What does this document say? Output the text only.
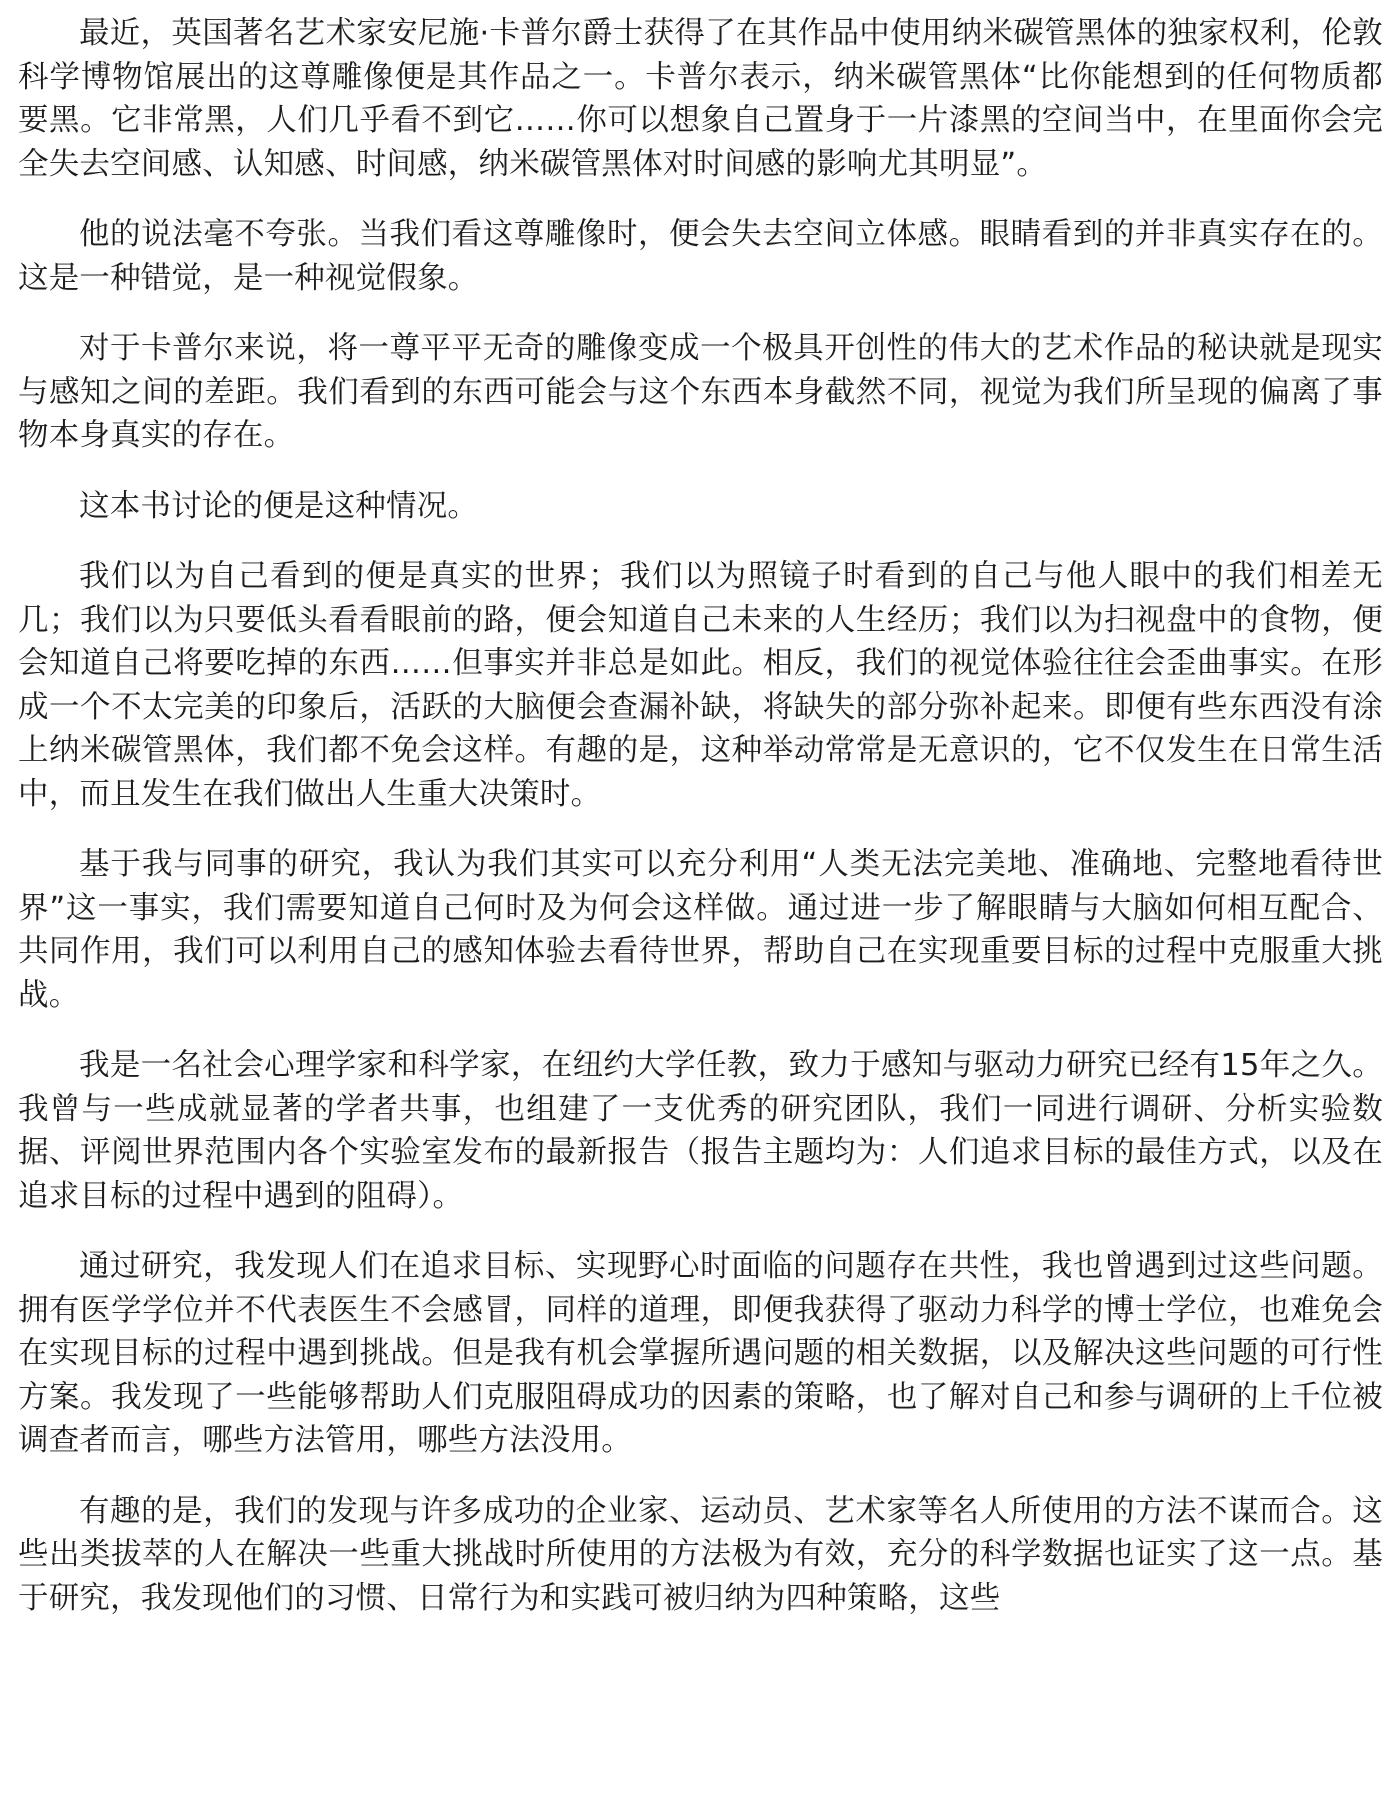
最近，英国著名艺术家安尼施·卡普尔爵士获得了在其作品中使用纳米碳管黑体的独家权利，伦敦科学博物馆展出的这尊雕像便是其作品之一。卡普尔表示，纳米碳管黑体“比你能想到的任何物质都要黑。它非常黑，人们几乎看不到它……你可以想象自己置身于一片漆黑的空间当中，在里面你会完全失去空间感、认知感、时间感，纳米碳管黑体对时间感的影响尤其明显”。

他的说法毫不夸张。当我们看这尊雕像时，便会失去空间立体感。眼睛看到的并非真实存在的。这是一种错觉，是一种视觉假象。

对于卡普尔来说，将一尊平平无奇的雕像变成一个极具开创性的伟大的艺术作品的秘诀就是现实与感知之间的差距。我们看到的东西可能会与这个东西本身截然不同，视觉为我们所呈现的偏离了事物本身真实的存在。

这本书讨论的便是这种情况。

我们以为自己看到的便是真实的世界；我们以为照镜子时看到的自己与他人眼中的我们相差无几；我们以为只要低头看看眼前的路，便会知道自己未来的人生经历；我们以为扫视盘中的食物，便会知道自己将要吃掉的东西……但事实并非总是如此。相反，我们的视觉体验往往会歪曲事实。在形成一个不太完美的印象后，活跃的大脑便会查漏补缺，将缺失的部分弥补起来。即便有些东西没有涂上纳米碳管黑体，我们都不免会这样。有趣的是，这种举动常常是无意识的，它不仅发生在日常生活中，而且发生在我们做出人生重大决策时。

基于我与同事的研究，我认为我们其实可以充分利用“人类无法完美地、准确地、完整地看待世界”这一事实，我们需要知道自己何时及为何会这样做。通过进一步了解眼睛与大脑如何相互配合、共同作用，我们可以利用自己的感知体验去看待世界，帮助自己在实现重要目标的过程中克服重大挑战。

我是一名社会心理学家和科学家，在纽约大学任教，致力于感知与驱动力研究已经有15年之久。我曾与一些成就显著的学者共事，也组建了一支优秀的研究团队，我们一同进行调研、分析实验数据、评阅世界范围内各个实验室发布的最新报告（报告主题均为：人们追求目标的最佳方式，以及在追求目标的过程中遇到的阻碍）。

通过研究，我发现人们在追求目标、实现野心时面临的问题存在共性，我也曾遇到过这些问题。拥有医学学位并不代表医生不会感冒，同样的道理，即便我获得了驱动力科学的博士学位，也难免会在实现目标的过程中遇到挑战。但是我有机会掌握所遇问题的相关数据，以及解决这些问题的可行性方案。我发现了一些能够帮助人们克服阻碍成功的因素的策略，也了解对自己和参与调研的上千位被调查者而言，哪些方法管用，哪些方法没用。

有趣的是，我们的发现与许多成功的企业家、运动员、艺术家等名人所使用的方法不谋而合。这些出类拔萃的人在解决一些重大挑战时所使用的方法极为有效，充分的科学数据也证实了这一点。基于研究，我发现他们的习惯、日常行为和实践可被归纳为四种策略，这些
